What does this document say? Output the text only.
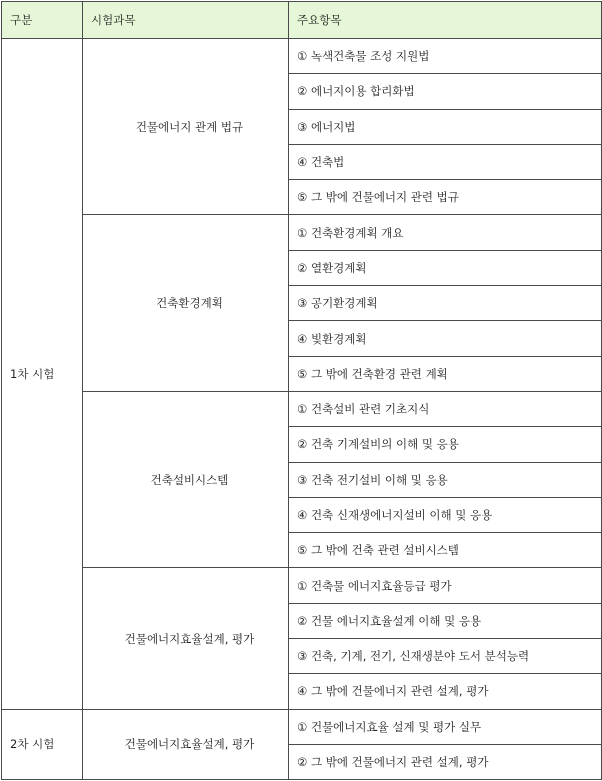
구분	시험과목	주요항목
1차 시험	건물에너지 관계 법규	① 녹색건축물 조성 지원법
		② 에너지이용 합리화법
		③ 에너지법
		④ 건축법
		⑤ 그 밖에 건물에너지 관련 법규
	건축환경계획	① 건축환경계획 개요
		② 열환경계획
		③ 공기환경계획
		④ 빛환경계획
		⑤ 그 밖에 건축환경 관련 계획
	건축설비시스템	① 건축설비 관련 기초지식
		② 건축 기계설비의 이해 및 응용
		③ 건축 전기설비 이해 및 응용
		④ 건축 신재생에너지설비 이해 및 응용
		⑤ 그 밖에 건축 관련 설비시스템
	건물에너지효율설계, 평가	① 건축물 에너지효율등급 평가
		② 건물 에너지효율설계 이해 및 응용
		③ 건축, 기계, 전기, 신재생분야 도서 분석능력
		④ 그 밖에 건물에너지 관련 설계, 평가
2차 시험	건물에너지효율설계, 평가	① 건물에너지효율 설계 및 평가 실무
		② 그 밖에 건물에너지 관련 설계, 평가
